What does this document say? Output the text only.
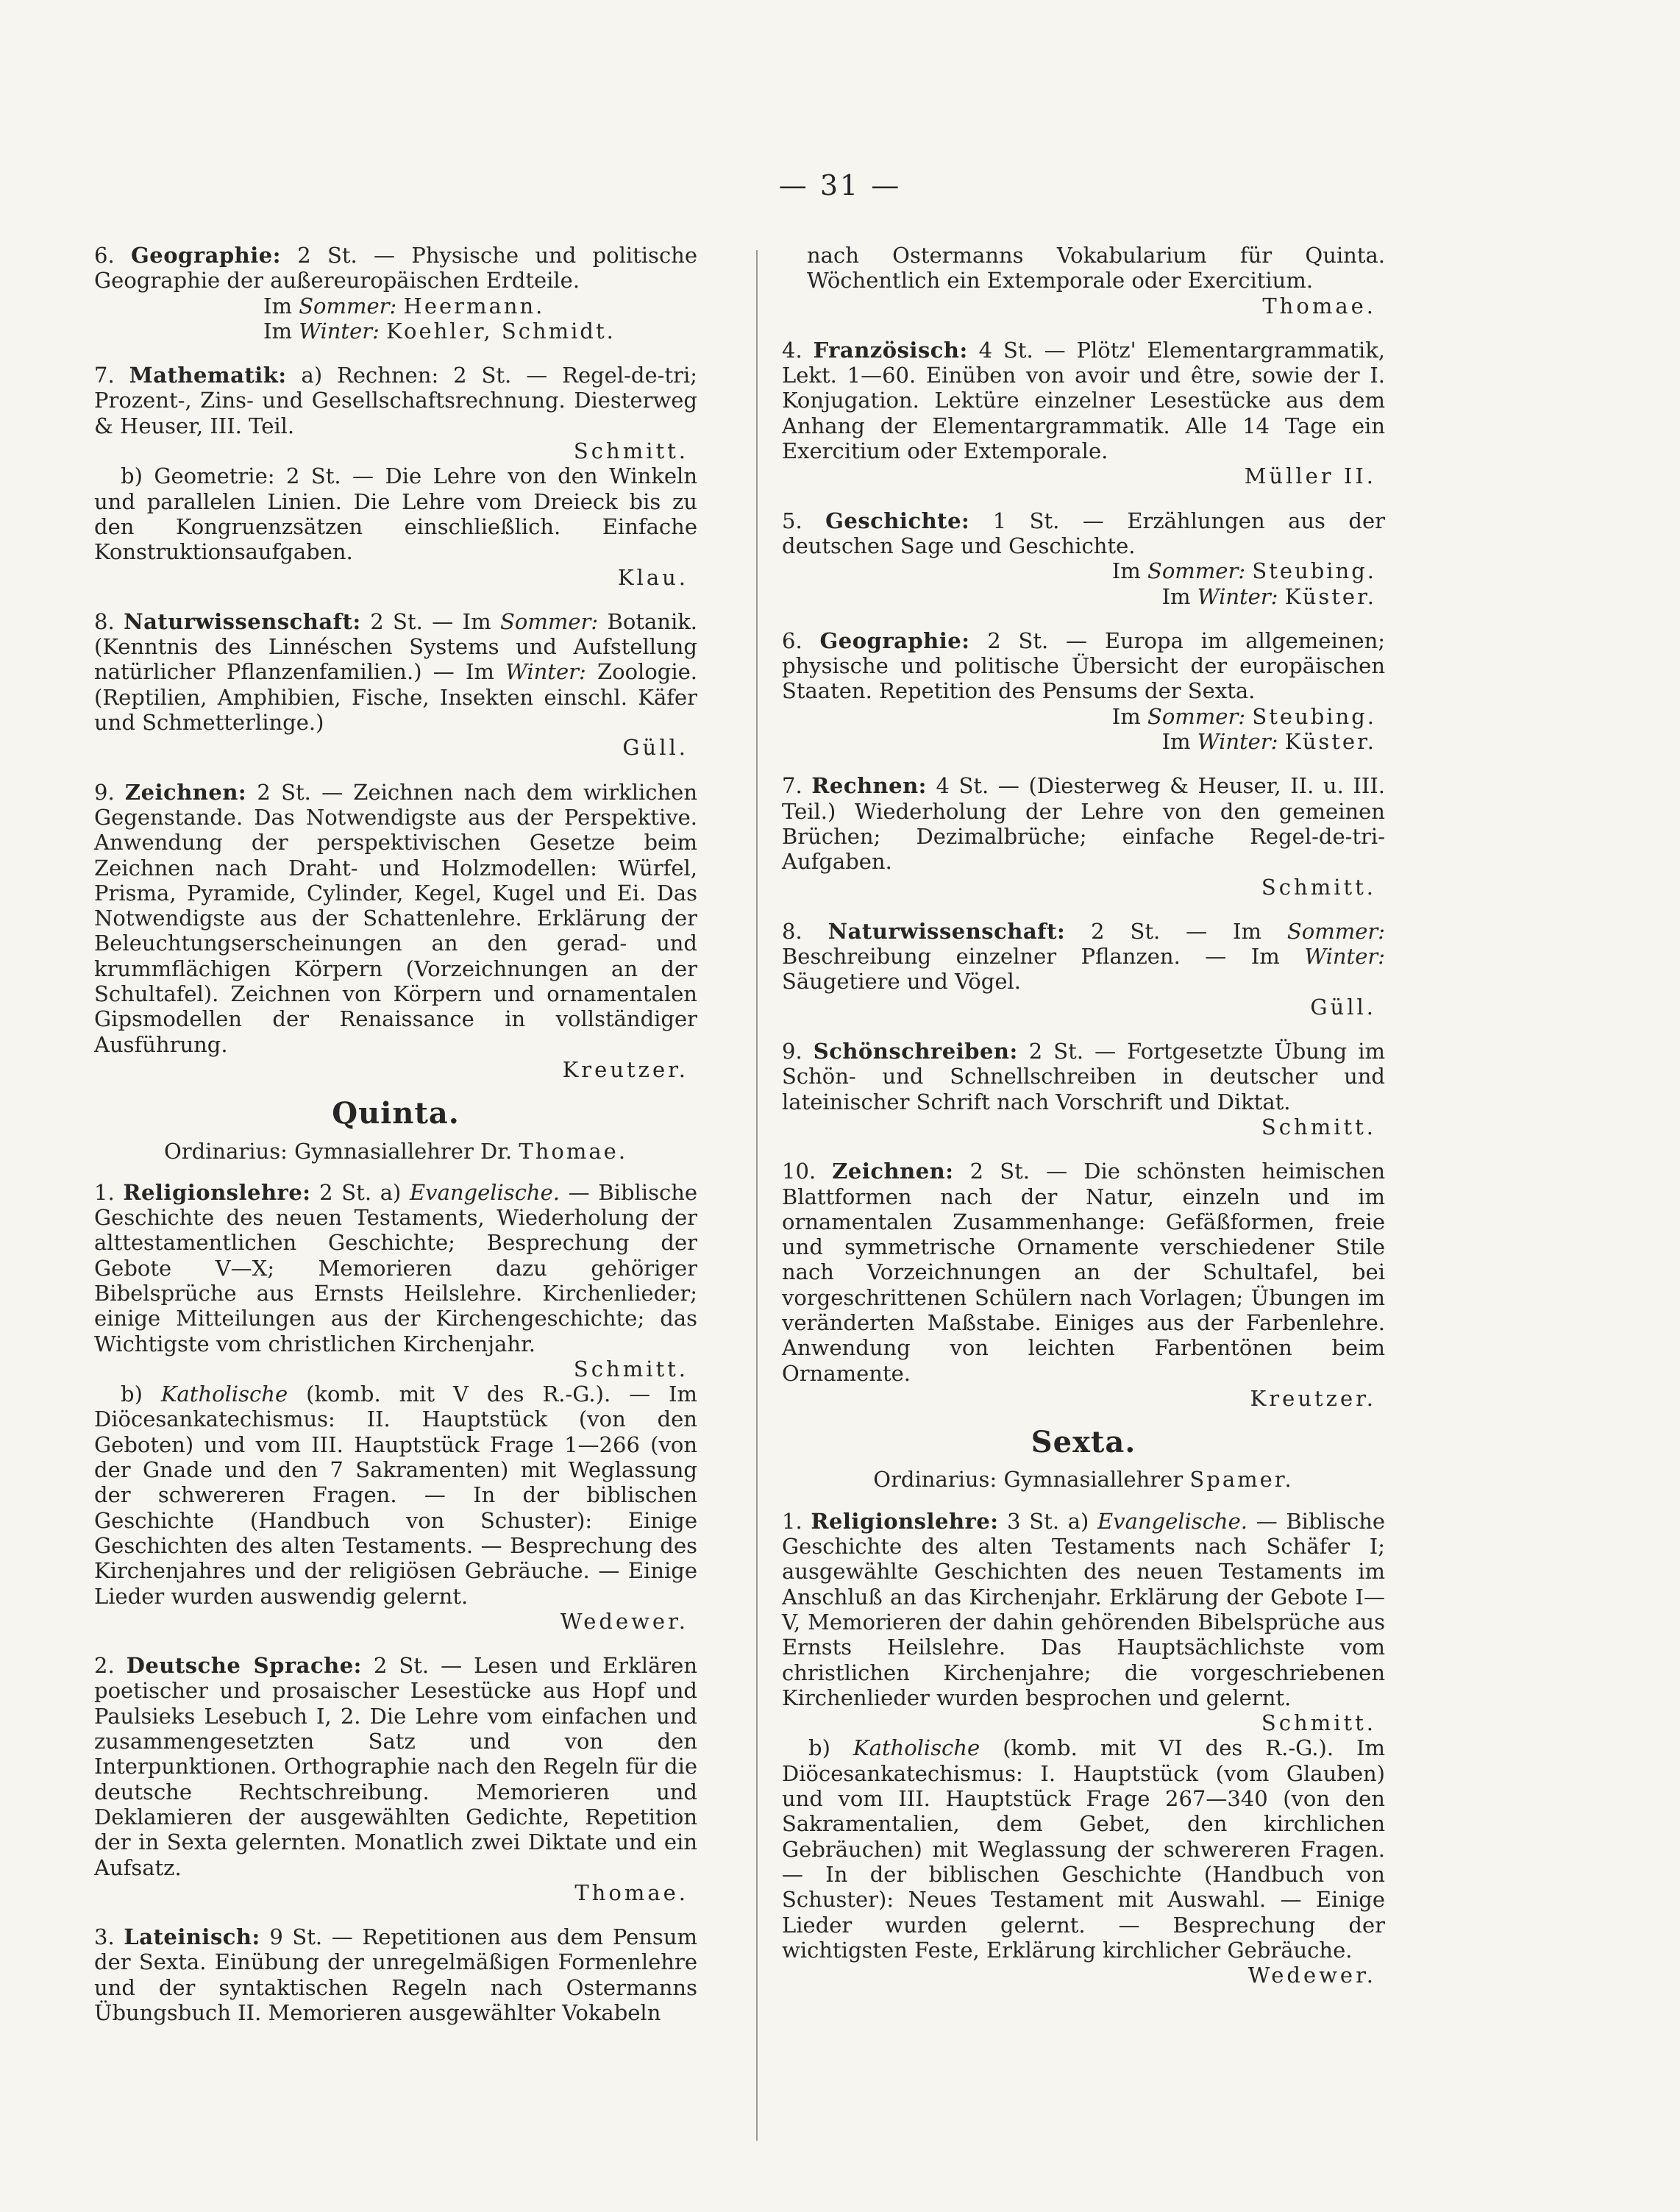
— 31 —
6. Geographie: 2 St. — Physische und politische Geographie der außereuropäischen Erdteile.
Im Sommer: Heermann.
Im Winter: Koehler, Schmidt.
7. Mathematik: a) Rechnen: 2 St. — Regel-de-tri; Prozent-, Zins- und Gesellschaftsrechnung. Diesterweg & Heuser, III. Teil.
Schmitt.
b) Geometrie: 2 St. — Die Lehre von den Winkeln und parallelen Linien. Die Lehre vom Dreieck bis zu den Kongruenzsätzen einschließlich. Einfache Konstruktionsaufgaben.
Klau.
8. Naturwissenschaft: 2 St. — Im Sommer: Botanik. (Kenntnis des Linnéschen Systems und Aufstellung natürlicher Pflanzenfamilien.) — Im Winter: Zoologie. (Reptilien, Amphibien, Fische, Insekten einschl. Käfer und Schmetterlinge.)
Güll.
9. Zeichnen: 2 St. — Zeichnen nach dem wirklichen Gegenstande. Das Notwendigste aus der Perspektive. Anwendung der perspektivischen Gesetze beim Zeichnen nach Draht- und Holzmodellen: Würfel, Prisma, Pyramide, Cylinder, Kegel, Kugel und Ei. Das Notwendigste aus der Schattenlehre. Erklärung der Beleuchtungserscheinungen an den gerad- und krummflächigen Körpern (Vorzeichnungen an der Schultafel). Zeichnen von Körpern und ornamentalen Gipsmodellen der Renaissance in vollständiger Ausführung.
Kreutzer.
Quinta.
Ordinarius: Gymnasiallehrer Dr. Thomae.
1. Religionslehre: 2 St. a) Evangelische. — Biblische Geschichte des neuen Testaments, Wiederholung der alttestamentlichen Geschichte; Besprechung der Gebote V—X; Memorieren dazu gehöriger Bibelsprüche aus Ernsts Heilslehre. Kirchenlieder; einige Mitteilungen aus der Kirchengeschichte; das Wichtigste vom christlichen Kirchenjahr.
Schmitt.
b) Katholische (komb. mit V des R.-G.). — Im Diöcesankatechismus: II. Hauptstück (von den Geboten) und vom III. Hauptstück Frage 1—266 (von der Gnade und den 7 Sakramenten) mit Weglassung der schwereren Fragen. — In der biblischen Geschichte (Handbuch von Schuster): Einige Geschichten des alten Testaments. — Besprechung des Kirchenjahres und der religiösen Gebräuche. — Einige Lieder wurden auswendig gelernt.
Wedewer.
2. Deutsche Sprache: 2 St. — Lesen und Erklären poetischer und prosaischer Lesestücke aus Hopf und Paulsieks Lesebuch I, 2. Die Lehre vom einfachen und zusammengesetzten Satz und von den Interpunktionen. Orthographie nach den Regeln für die deutsche Rechtschreibung. Memorieren und Deklamieren der ausgewählten Gedichte, Repetition der in Sexta gelernten. Monatlich zwei Diktate und ein Aufsatz.
Thomae.
3. Lateinisch: 9 St. — Repetitionen aus dem Pensum der Sexta. Einübung der unregelmäßigen Formenlehre und der syntaktischen Regeln nach Ostermanns Übungsbuch II. Memorieren ausgewählter Vokabeln
nach Ostermanns Vokabularium für Quinta. Wöchentlich ein Extemporale oder Exercitium.
Thomae.
4. Französisch: 4 St. — Plötz' Elementargrammatik, Lekt. 1—60. Einüben von avoir und être, sowie der I. Konjugation. Lektüre einzelner Lesestücke aus dem Anhang der Elementargrammatik. Alle 14 Tage ein Exercitium oder Extemporale.
Müller II.
5. Geschichte: 1 St. — Erzählungen aus der deutschen Sage und Geschichte.
Im Sommer: Steubing.
Im Winter: Küster.
6. Geographie: 2 St. — Europa im allgemeinen; physische und politische Übersicht der europäischen Staaten. Repetition des Pensums der Sexta.
Im Sommer: Steubing.
Im Winter: Küster.
7. Rechnen: 4 St. — (Diesterweg & Heuser, II. u. III. Teil.) Wiederholung der Lehre von den gemeinen Brüchen; Dezimalbrüche; einfache Regel-de-tri-Aufgaben.
Schmitt.
8. Naturwissenschaft: 2 St. — Im Sommer: Beschreibung einzelner Pflanzen. — Im Winter: Säugetiere und Vögel.
Güll.
9. Schönschreiben: 2 St. — Fortgesetzte Übung im Schön- und Schnellschreiben in deutscher und lateinischer Schrift nach Vorschrift und Diktat.
Schmitt.
10. Zeichnen: 2 St. — Die schönsten heimischen Blattformen nach der Natur, einzeln und im ornamentalen Zusammenhange: Gefäßformen, freie und symmetrische Ornamente verschiedener Stile nach Vorzeichnungen an der Schultafel, bei vorgeschrittenen Schülern nach Vorlagen; Übungen im veränderten Maßstabe. Einiges aus der Farbenlehre. Anwendung von leichten Farbentönen beim Ornamente.
Kreutzer.
Sexta.
Ordinarius: Gymnasiallehrer Spamer.
1. Religionslehre: 3 St. a) Evangelische. — Biblische Geschichte des alten Testaments nach Schäfer I; ausgewählte Geschichten des neuen Testaments im Anschluß an das Kirchenjahr. Erklärung der Gebote I—V, Memorieren der dahin gehörenden Bibelsprüche aus Ernsts Heilslehre. Das Hauptsächlichste vom christlichen Kirchenjahre; die vorgeschriebenen Kirchenlieder wurden besprochen und gelernt.
Schmitt.
b) Katholische (komb. mit VI des R.-G.). Im Diöcesankatechismus: I. Hauptstück (vom Glauben) und vom III. Hauptstück Frage 267—340 (von den Sakramentalien, dem Gebet, den kirchlichen Gebräuchen) mit Weglassung der schwereren Fragen. — In der biblischen Geschichte (Handbuch von Schuster): Neues Testament mit Auswahl. — Einige Lieder wurden gelernt. — Besprechung der wichtigsten Feste, Erklärung kirchlicher Gebräuche.
Wedewer.
